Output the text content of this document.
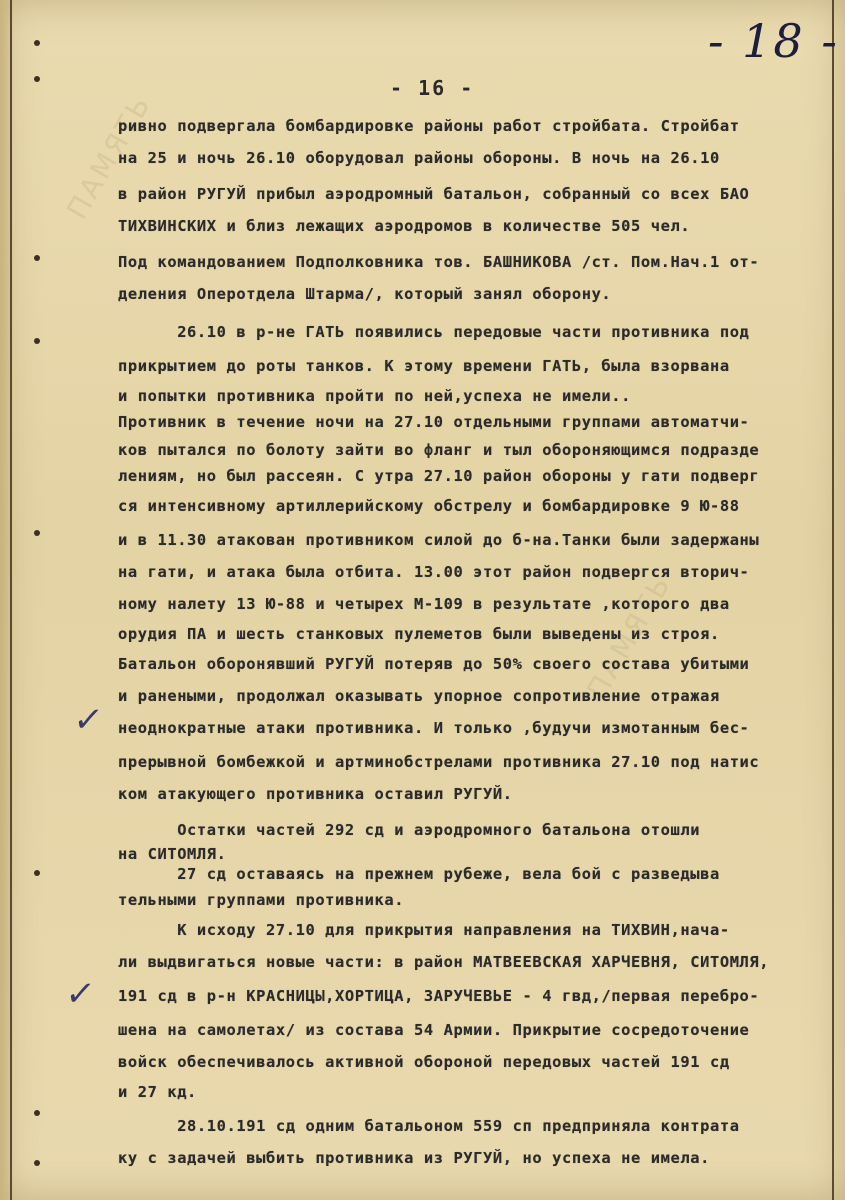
ПАМЯТЬ
ПАМЯТЬ
- 18 -
- 16 -
✓
✓
ривно подвергала бомбардировке районы работ стройбата. Стройбат
на 25 и ночь 26.10 оборудовал районы обороны. В ночь на 26.10
в район РУГУЙ прибыл аэродромный батальон, собранный со всех БАО
ТИХВИНСКИХ и близ лежащих аэродромов в количестве 505 чел.
Под командованием Подполковника тов. БАШНИКОВА /ст. Пом.Нач.1 от-
деления Оперотдела Штарма/, который занял оборону.
26.10 в р-не ГАТЬ появились передовые части противника под
прикрытием до роты танков. К этому времени ГАТЬ, была взорвана
и попытки противника пройти по ней,успеха не имели..
Противник в течение ночи на 27.10 отдельными группами автоматчи-
ков пытался по болоту зайти во фланг и тыл обороняющимся подразде
лениям, но был рассеян. С утра 27.10 район обороны у гати подверг
ся интенсивному артиллерийскому обстрелу и бомбардировке 9 Ю-88
и в 11.30 атакован противником силой до б-на.Танки были задержаны
на гати, и атака была отбита. 13.00 этот район подвергся вторич-
ному налету 13 Ю-88 и четырех М-109 в результате ,которого два
орудия ПА и шесть станковых пулеметов были выведены из строя.
Батальон оборонявший РУГУЙ потеряв до 50% своего состава убитыми
и ранеными, продолжал оказывать упорное сопротивление отражая
неоднократные атаки противника. И только ,будучи измотанным бес-
прерывной бомбежкой и артминобстрелами противника 27.10 под натис
ком атакующего противника оставил РУГУЙ.
Остатки частей 292 сд и аэродромного батальона отошли
на СИТОМЛЯ.
27 сд оставаясь на прежнем рубеже, вела бой с разведыва
тельными группами противника.
К исходу 27.10 для прикрытия направления на ТИХВИН,нача-
ли выдвигаться новые части: в район МАТВЕЕВСКАЯ ХАРЧЕВНЯ, СИТОМЛЯ,
191 сд в р-н КРАСНИЦЫ,ХОРТИЦА, ЗАРУЧЕВЬЕ - 4 гвд,/первая перебро-
шена на самолетах/ из состава 54 Армии. Прикрытие сосредоточение
войск обеспечивалось активной обороной передовых частей 191 сд
и 27 кд.
28.10.191 сд одним батальоном 559 сп предприняла контрата
ку с задачей выбить противника из РУГУЙ, но успеха не имела.
